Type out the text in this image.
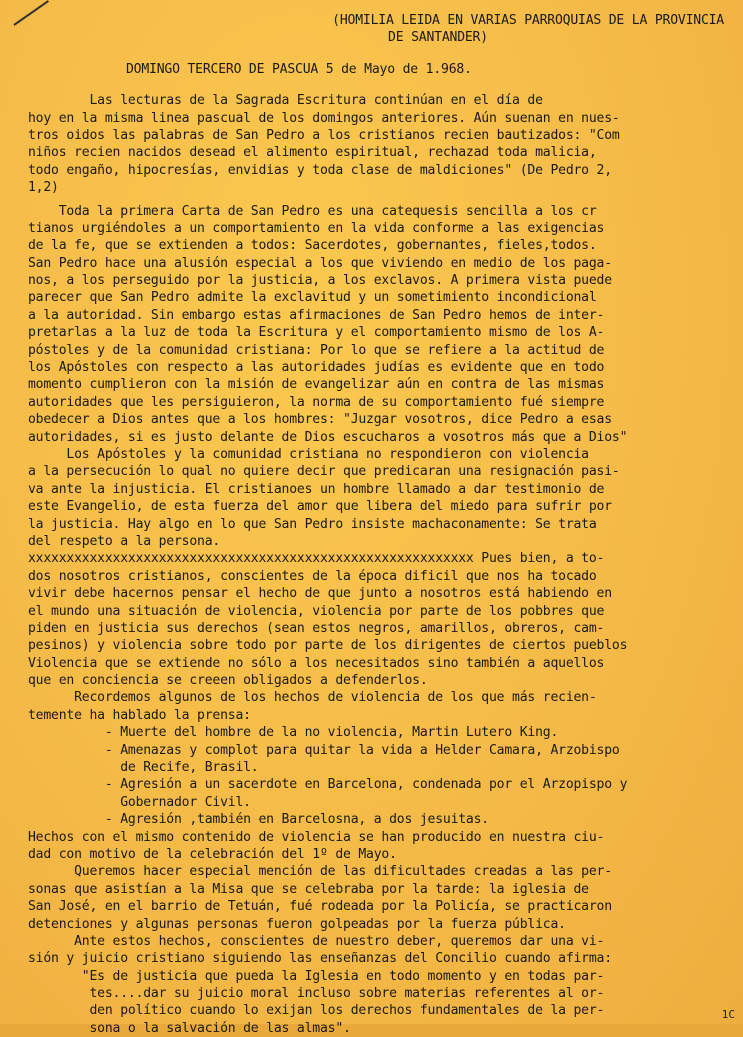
(HOMILIA LEIDA EN VARIAS PARROQUIAS DE LA PROVINCIA
DE SANTANDER)
DOMINGO TERCERO DE PASCUA 5 de Mayo de 1.968.
Las lecturas de la Sagrada Escritura continúan en el día de
hoy en la misma linea pascual de los domingos anteriores. Aún suenan en nues-
tros oidos las palabras de San Pedro a los cristianos recien bautizados: "Com
niños recien nacidos desead el alimento espiritual, rechazad toda malicia,
todo engaño, hipocresías, envidias y toda clase de maldiciones" (De Pedro 2,
1,2)
Toda la primera Carta de San Pedro es una catequesis sencilla a los cr
tianos urgiéndoles a un comportamiento en la vida conforme a las exigencias
de la fe, que se extienden a todos: Sacerdotes, gobernantes, fieles,todos.
San Pedro hace una alusión especial a los que viviendo en medio de los paga-
nos, a los perseguido por la justicia, a los exclavos. A primera vista puede
parecer que San Pedro admite la exclavitud y un sometimiento incondicional
a la autoridad. Sin embargo estas afirmaciones de San Pedro hemos de inter-
pretarlas a la luz de toda la Escritura y el comportamiento mismo de los A-
póstoles y de la comunidad cristiana: Por lo que se refiere a la actitud de
los Apóstoles con respecto a las autoridades judías es evidente que en todo
momento cumplieron con la misión de evangelizar aún en contra de las mismas
autoridades que les persiguieron, la norma de su comportamiento fué siempre
obedecer a Dios antes que a los hombres: "Juzgar vosotros, dice Pedro a esas
autoridades, si es justo delante de Dios escucharos a vosotros más que a Dios"
Los Apóstoles y la comunidad cristiana no respondieron con violencia
a la persecución lo qual no quiere decir que predicaran una resignación pasi-
va ante la injusticia. El cristianoes un hombre llamado a dar testimonio de
este Evangelio, de esta fuerza del amor que libera del miedo para sufrir por
la justicia. Hay algo en lo que San Pedro insiste machaconamente: Se trata
del respeto a la persona.
xxxxxxxxxxxxxxxxxxxxxxxxxxxxxxxxxxxxxxxxxxxxxxxxxxxxxxxxxx Pues bien, a to-
dos nosotros cristianos, conscientes de la época dificil que nos ha tocado
vivir debe hacernos pensar el hecho de que junto a nosotros está habiendo en
el mundo una situación de violencia, violencia por parte de los pobbres que
piden en justicia sus derechos (sean estos negros, amarillos, obreros, cam-
pesinos) y violencia sobre todo por parte de los dirigentes de ciertos pueblos
Violencia que se extiende no sólo a los necesitados sino también a aquellos
que en conciencia se creeen obligados a defenderlos.
Recordemos algunos de los hechos de violencia de los que más recien-
temente ha hablado la prensa:
- Muerte del hombre de la no violencia, Martin Lutero King.
- Amenazas y complot para quitar la vida a Helder Camara, Arzobispo
de Recife, Brasil.
- Agresión a un sacerdote en Barcelona, condenada por el Arzopispo y
Gobernador Civil.
- Agresión ,también en Barcelosna, a dos jesuitas.
Hechos con el mismo contenido de violencia se han producido en nuestra ciu-
dad con motivo de la celebración del 1º de Mayo.
Queremos hacer especial mención de las dificultades creadas a las per-
sonas que asistían a la Misa que se celebraba por la tarde: la iglesia de
San José, en el barrio de Tetuán, fué rodeada por la Policía, se practicaron
detenciones y algunas personas fueron golpeadas por la fuerza pública.
Ante estos hechos, conscientes de nuestro deber, queremos dar una vi-
sión y juicio cristiano siguiendo las enseñanzas del Concilio cuando afirma:
"Es de justicia que pueda la Iglesia en todo momento y en todas par-
tes....dar su juicio moral incluso sobre materias referentes al or-
den político cuando lo exijan los derechos fundamentales de la per-
sona o la salvación de las almas".
1C
